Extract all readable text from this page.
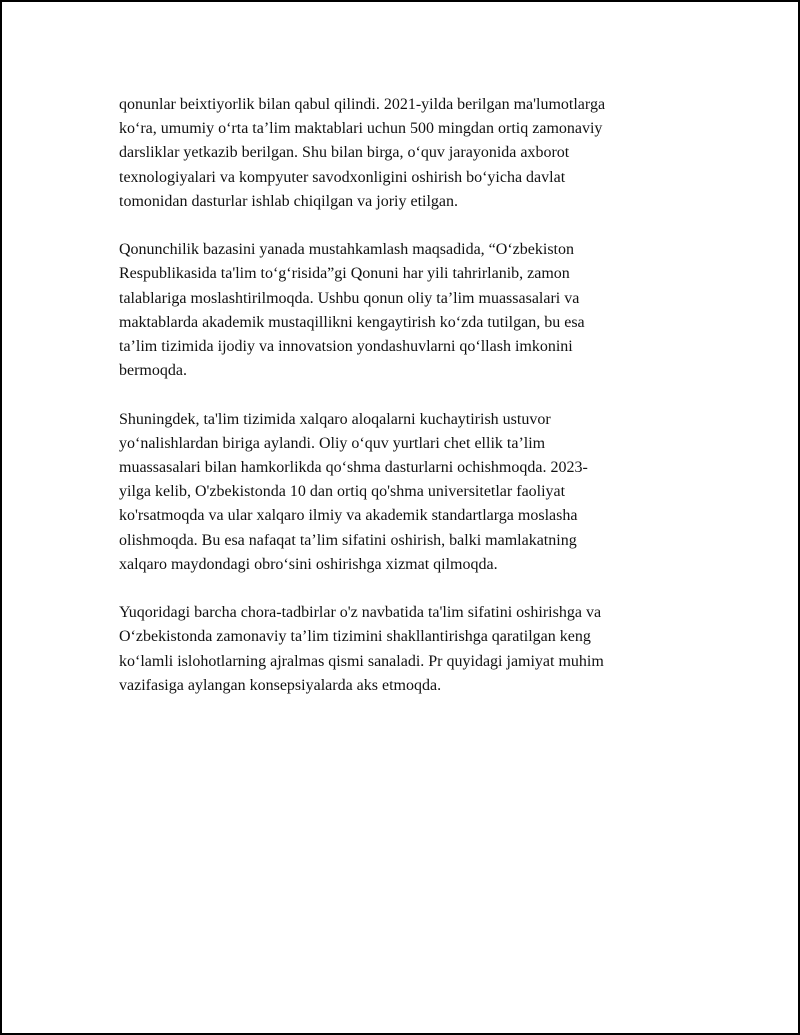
qonunlar beixtiyorlik bilan qabul qilindi. 2021-yilda berilgan ma'lumotlarga
ko‘ra, umumiy o‘rta ta’lim maktablari uchun 500 mingdan ortiq zamonaviy
darsliklar yetkazib berilgan. Shu bilan birga, o‘quv jarayonida axborot
texnologiyalari va kompyuter savodxonligini oshirish bo‘yicha davlat
tomonidan dasturlar ishlab chiqilgan va joriy etilgan.

Qonunchilik bazasini yanada mustahkamlash maqsadida, “O‘zbekiston
Respublikasida ta'lim to‘g‘risida”gi Qonuni har yili tahrirlanib, zamon
talablariga moslashtirilmoqda. Ushbu qonun oliy ta’lim muassasalari va
maktablarda akademik mustaqillikni kengaytirish ko‘zda tutilgan, bu esa
ta’lim tizimida ijodiy va innovatsion yondashuvlarni qo‘llash imkonini
bermoqda.

Shuningdek, ta'lim tizimida xalqaro aloqalarni kuchaytirish ustuvor
yo‘nalishlardan biriga aylandi. Oliy o‘quv yurtlari chet ellik ta’lim
muassasalari bilan hamkorlikda qo‘shma dasturlarni ochishmoqda. 2023-
yilga kelib, O'zbekistonda 10 dan ortiq qo'shma universitetlar faoliyat
ko'rsatmoqda va ular xalqaro ilmiy va akademik standartlarga moslasha
olishmoqda. Bu esa nafaqat ta’lim sifatini oshirish, balki mamlakatning
xalqaro maydondagi obro‘sini oshirishga xizmat qilmoqda.

Yuqoridagi barcha chora-tadbirlar o'z navbatida ta'lim sifatini oshirishga va
O‘zbekistonda zamonaviy ta’lim tizimini shakllantirishga qaratilgan keng
ko‘lamli islohotlarning ajralmas qismi sanaladi. Pr quyidagi jamiyat muhim
vazifasiga aylangan konsepsiyalarda aks etmoqda.
